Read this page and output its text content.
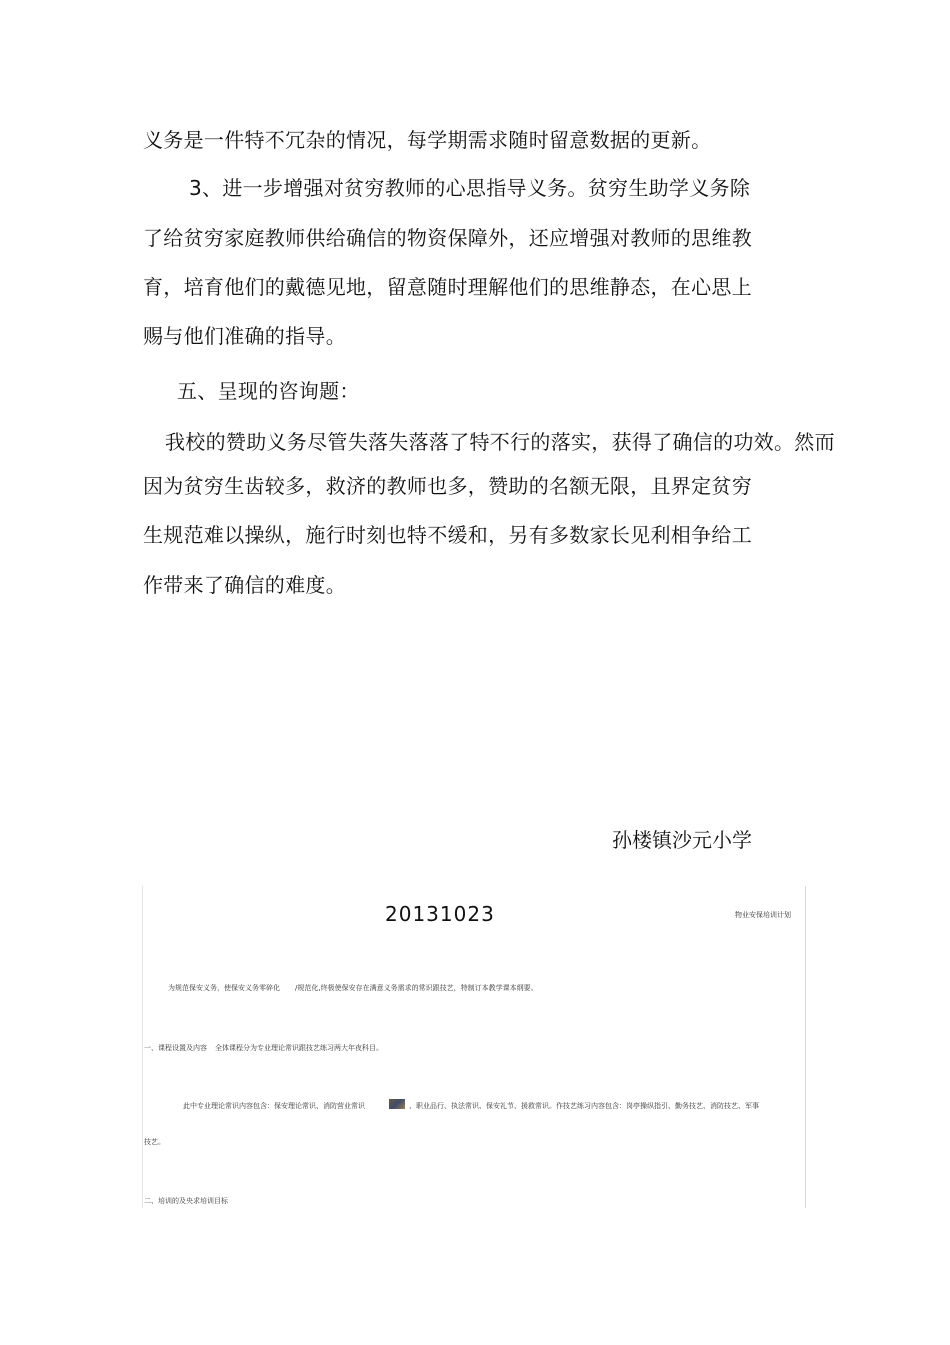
义务是一件特不冗杂的情况，每学期需求随时留意数据的更新。
3、进一步增强对贫穷教师的心思指导义务。贫穷生助学义务除
了给贫穷家庭教师供给确信的物资保障外，还应增强对教师的思维教
育，培育他们的戴德见地，留意随时理解他们的思维静态，在心思上
赐与他们准确的指导。
五、呈现的咨询题：
我校的赞助义务尽管失落失落落了特不行的落实，获得了确信的功效。然而
因为贫穷生齿较多，救济的教师也多，赞助的名额无限，且界定贫穷
生规范难以操纵，施行时刻也特不缓和，另有多数家长见利相争给工
作带来了确信的难度。
孙楼镇沙元小学
20131023	物业安保培训计划
为规范保安义务，使保安义务零碎化 /规范化,终极使保安存在满意义务需求的常识跟技艺，特制订本教学课本纲要。
一、课程设置及内容 全体课程分为专业理论常识跟技艺练习两大年夜科目。
此中专业理论常识内容包含：保安理论常识、消防营业常识	、职业品行、执法常识、保安礼节、援救常识。作技艺练习内容包含：岗亭操纵指引、勤务技艺、消防技艺、军事
技艺。
二、培训的及央求培训目标
